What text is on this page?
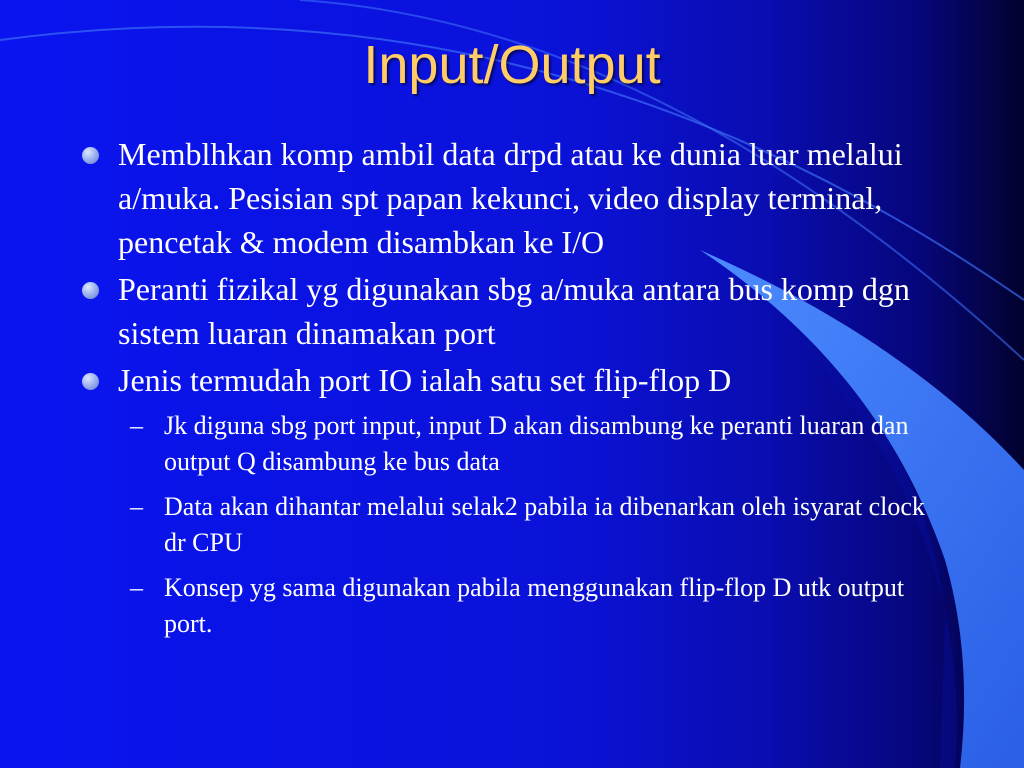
Input/Output
Memblhkan komp ambil data drpd atau ke dunia luar melalui a/muka. Pesisian spt papan kekunci, video display terminal, pencetak & modem disambkan ke I/O
Peranti fizikal yg digunakan sbg a/muka antara bus komp dgn sistem luaran dinamakan port
Jenis termudah port IO ialah satu set flip-flop D
– Jk diguna sbg port input, input D akan disambung ke peranti luaran dan output Q disambung ke bus data
– Data akan dihantar melalui selak2 pabila ia dibenarkan oleh isyarat clock dr CPU
– Konsep yg sama digunakan pabila menggunakan flip-flop D utk output port.
